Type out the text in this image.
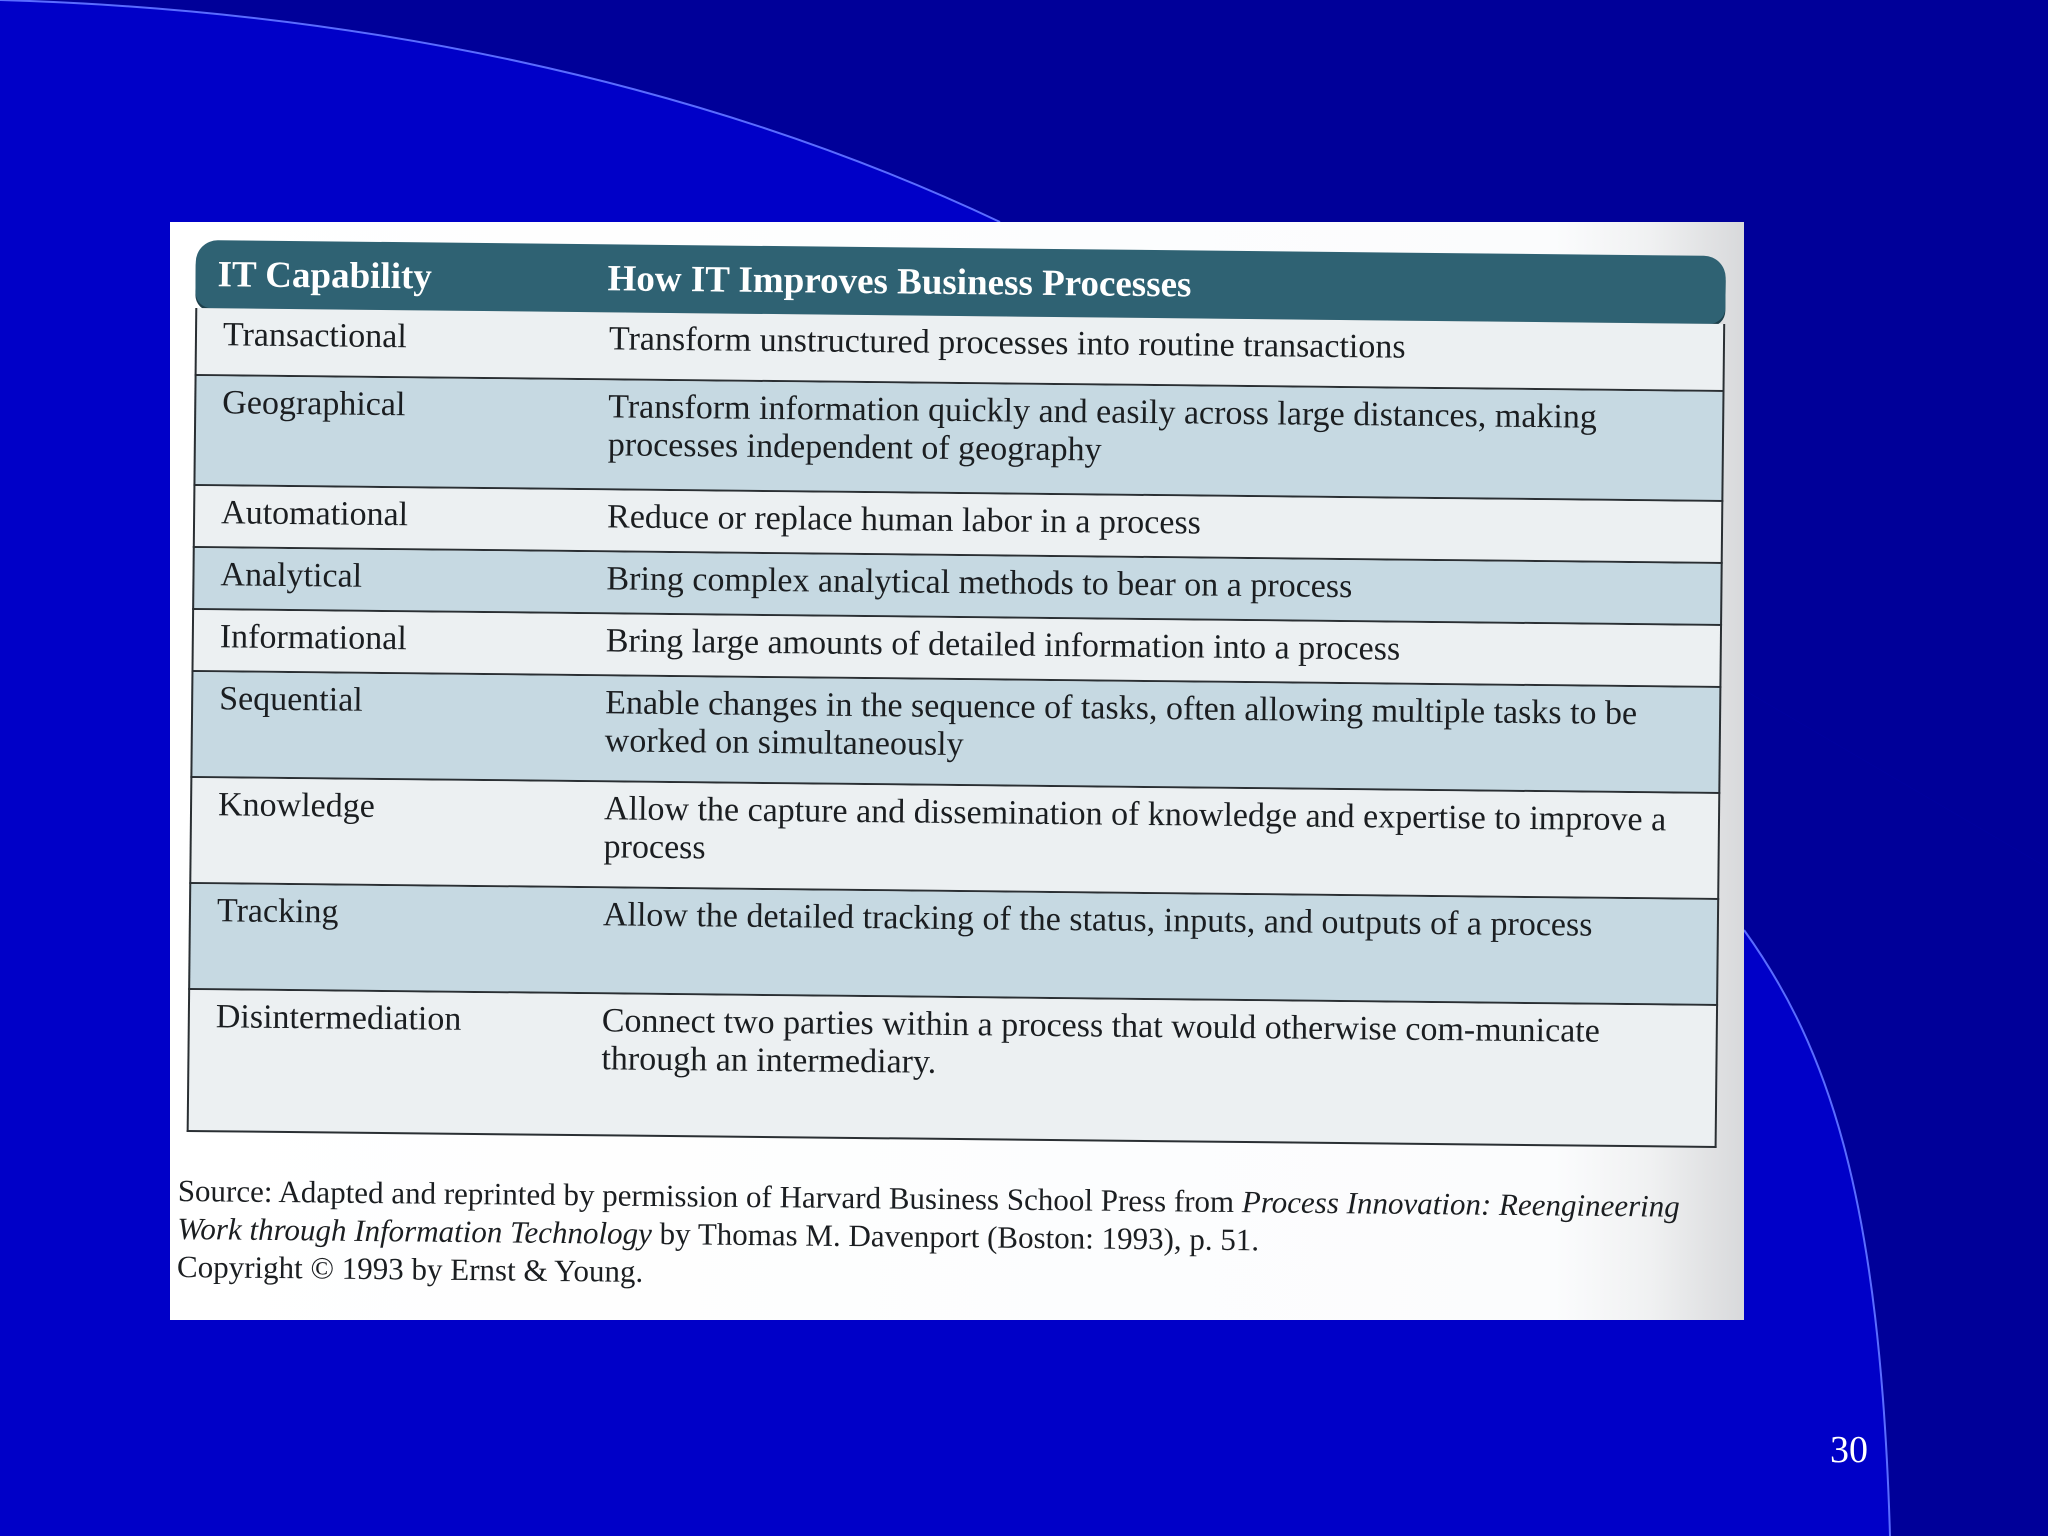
IT Capability	How IT Improves Business Processes
Transactional	Transform unstructured processes into routine transactions
Geographical	Transform information quickly and easily across large distances, making processes independent of geography
Automational	Reduce or replace human labor in a process
Analytical	Bring complex analytical methods to bear on a process
Informational	Bring large amounts of detailed information into a process
Sequential	Enable changes in the sequence of tasks, often allowing multiple tasks to be worked on simultaneously
Knowledge	Allow the capture and dissemination of knowledge and expertise to improve a process
Tracking	Allow the detailed tracking of the status, inputs, and outputs of a process
Disintermediation	Connect two parties within a process that would otherwise com-municate through an intermediary.
Source: Adapted and reprinted by permission of Harvard Business School Press from Process Innovation: Reengineering Work through Information Technology by Thomas M. Davenport (Boston: 1993), p. 51.
Copyright © 1993 by Ernst & Young.
30
